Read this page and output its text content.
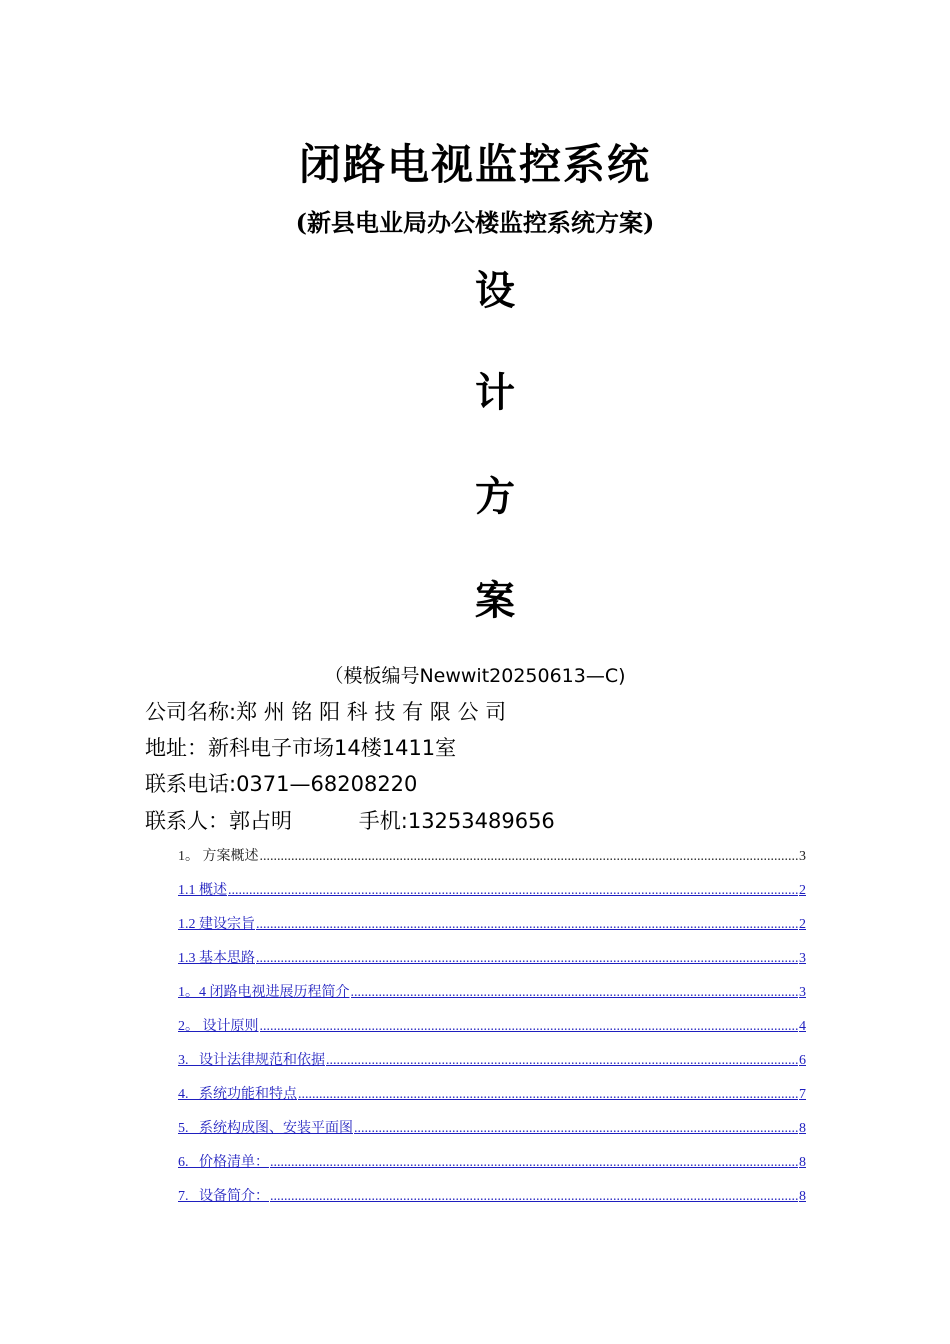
闭路电视监控系统
(新县电业局办公楼监控系统方案)
设
计
方
案
（模板编号Newwit20250613—C)
公司名称:郑 州 铭 阳 科 技 有 限 公 司
地址：新科电子市场14楼1411室
联系电话:0371—68208220
联系人：郭占明          手机:13253489656
1。 方案概述 .....	3
1.1 概述 .....	2
1.2 建设宗旨 .....	2
1.3 基本思路 .....	3
1。4 闭路电视进展历程简介 .....	3
2。 设计原则 .....	4
3.   设计法律规范和依据 .....	6
4.   系统功能和特点 .....	7
5.   系统构成图、安装平面图 .....	8
6.   价格清单： .....	8
7.   设备简介： .....	8
